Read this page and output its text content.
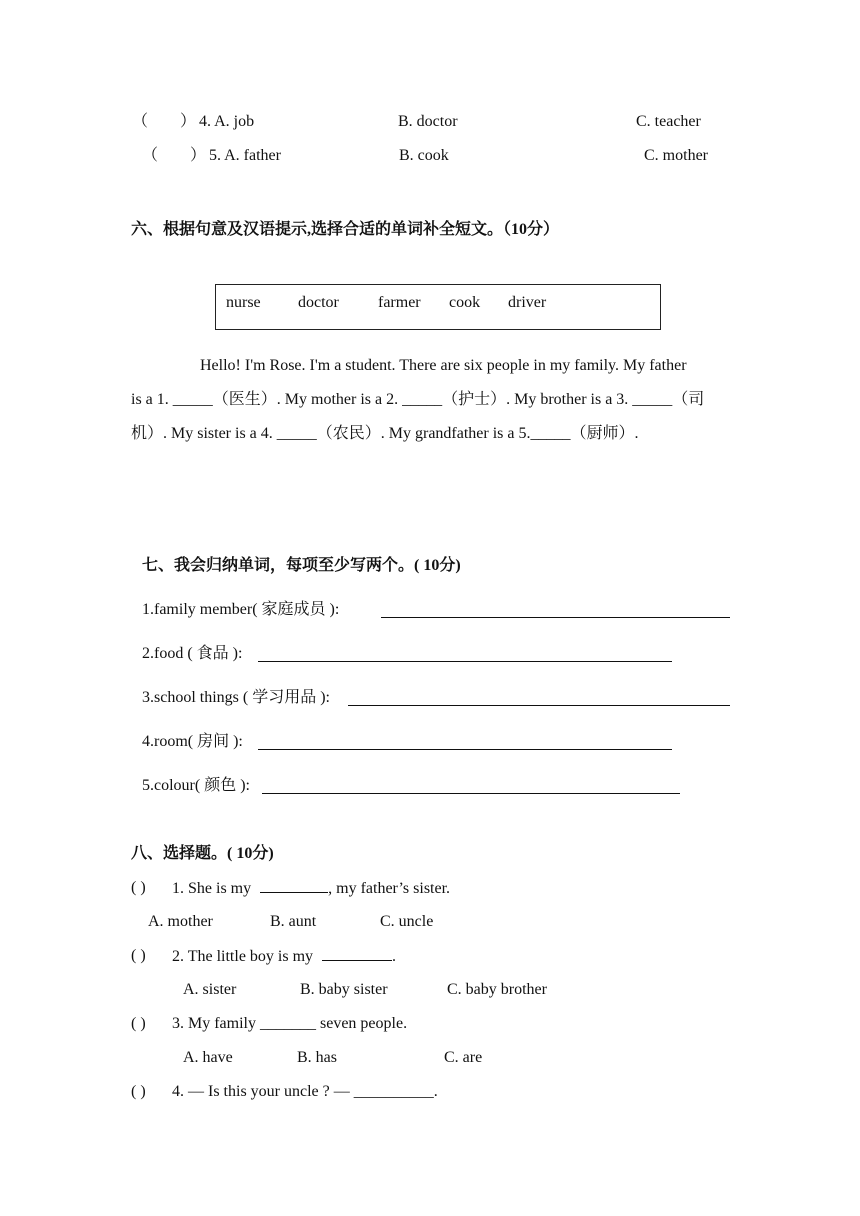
（ ） 4. A. job	B. doctor	C. teacher
（ ） 5. A. father	B. cook	C. mother
六、根据句意及汉语提示,选择合适的单词补全短文。（10分）
nurse doctor farmer cook driver
Hello! I'm Rose. I'm a student. There are six people in my family. My father
is a 1. _____（医生）. My mother is a 2. _____（护士）. My brother is a 3. _____（司
机）. My sister is a 4. _____（农民）. My grandfather is a 5._____（厨师）.
七、我会归纳单词，每项至少写两个。( 10分)
1.family member( 家庭成员 ):
2.food ( 食品 ):
3.school things ( 学习用品 ):
4.room( 房间 ):
5.colour( 颜色 ):
八、选择题。( 10分)
( ) 1. She is my	, my father’s sister.
A. mother	B. aunt	C. uncle
( ) 2. The little boy is my	.
A. sister	B. baby sister	C. baby brother
( ) 3. My family _______ seven people.
A. have	B. has	C. are
( ) 4. — Is this your uncle ? — __________.
